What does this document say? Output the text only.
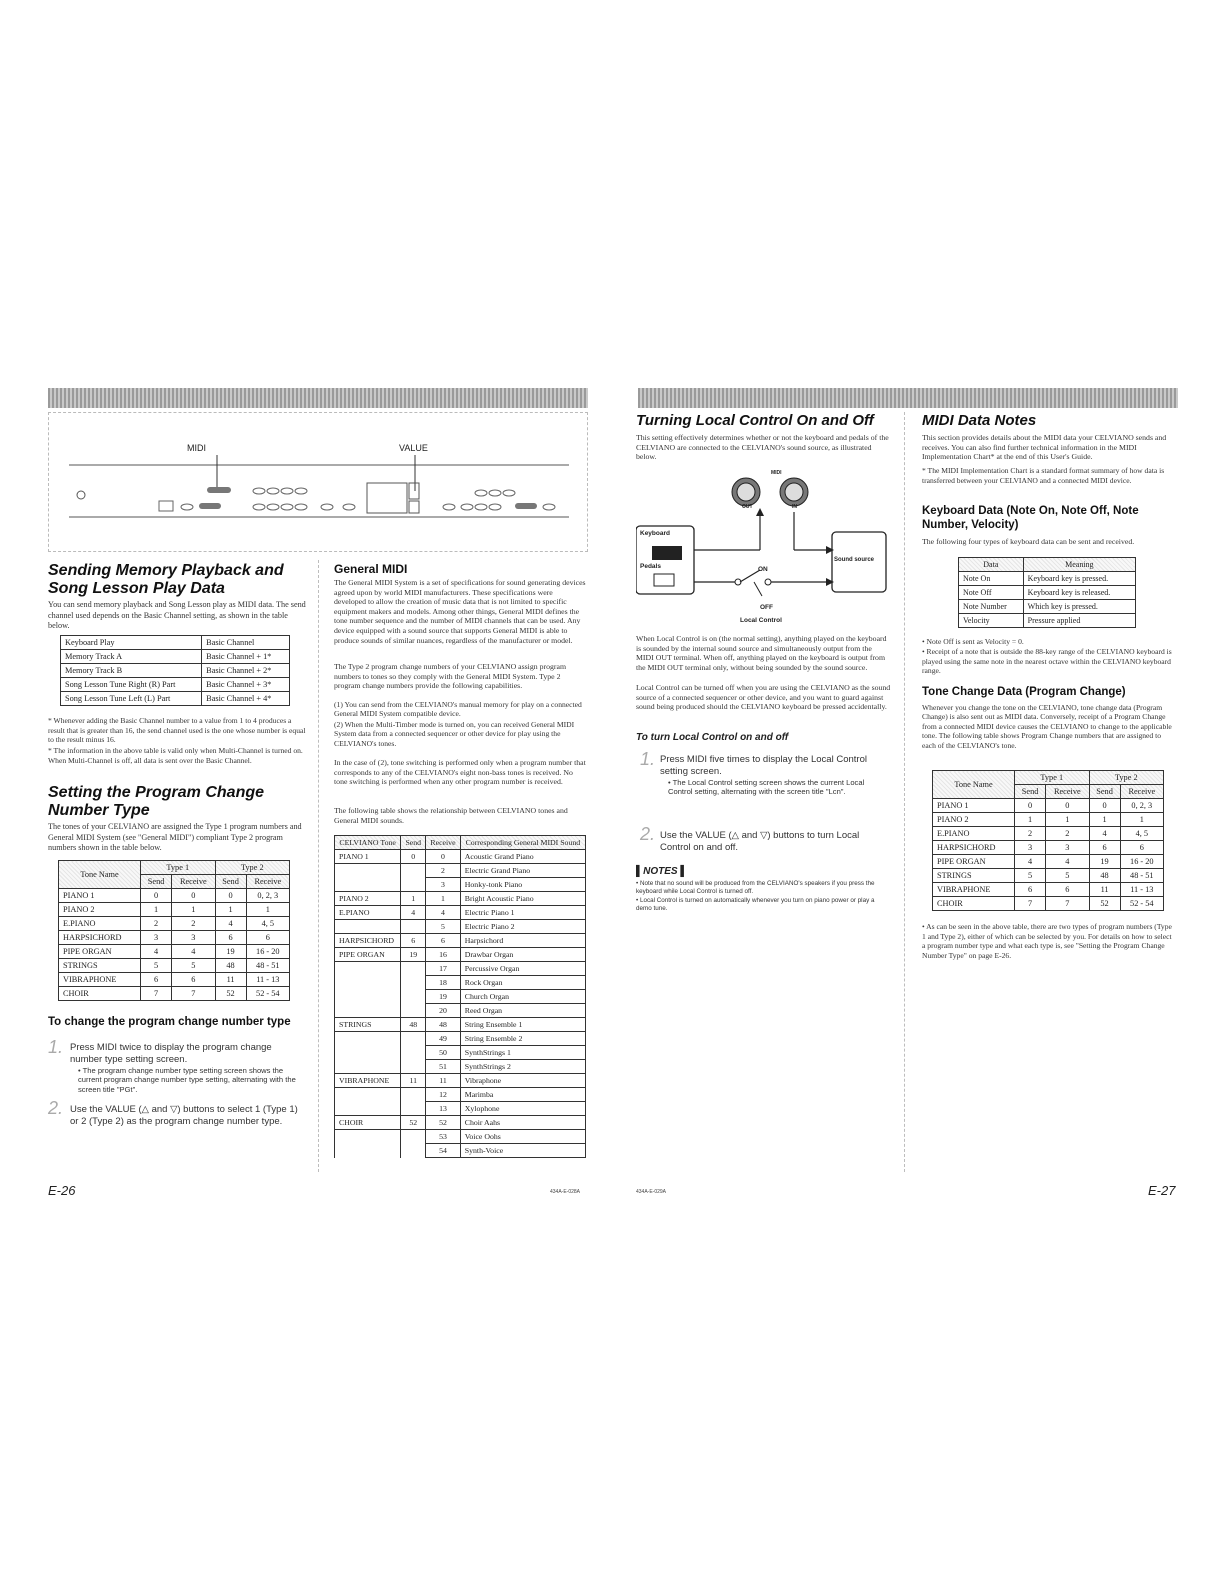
MIDI	VALUE
Sending Memory Playback and Song Lesson Play Data

You can send memory playback and Song Lesson play as MIDI data. The send channel used depends on the Basic Channel setting, as shown in the table below.

Keyboard Play	Basic Channel
Memory Track A	Basic Channel + 1*
Memory Track B	Basic Channel + 2*
Song Lesson Tune Right (R) Part	Basic Channel + 3*
Song Lesson Tune Left (L) Part	Basic Channel + 4*

* Whenever adding the Basic Channel number to a value from 1 to 4 produces a result that is greater than 16, the send channel used is the one whose number is equal to the result minus 16.

* The information in the above table is valid only when Multi-Channel is turned on. When Multi-Channel is off, all data is sent over the Basic Channel.

Setting the Program Change Number Type

The tones of your CELVIANO are assigned the Type 1 program numbers and General MIDI System (see "General MIDI") compliant Type 2 program numbers shown in the table below.

Tone Name	Type 1		Type 2	
	Send	Receive	Send	Receive
PIANO 1	0	0	0	0, 2, 3
PIANO 2	1	1	1	1
E.PIANO	2	2	4	4, 5
HARPSICHORD	3	3	6	6
PIPE ORGAN	4	4	19	16 - 20
STRINGS	5	5	48	48 - 51
VIBRAPHONE	6	6	11	11 - 13
CHOIR	7	7	52	52 - 54
To change the program change number type
1. Press MIDI twice to display the program change number type setting screen.
• The program change number type setting screen shows the current program change number type setting, alternating with the screen title "PGt".
2. Use the VALUE (△ and ▽) buttons to select 1 (Type 1) or 2 (Type 2) as the program change number type.
General MIDI

The General MIDI System is a set of specifications for sound generating devices agreed upon by world MIDI manufacturers. These specifications were developed to allow the creation of music data that is not limited to specific equipment makers and models. Among other things, General MIDI defines the tone number sequence and the number of MIDI channels that can be used. Any device equipped with a sound source that supports General MIDI is able to produce sounds of similar nuances, regardless of the manufacturer or model.

The Type 2 program change numbers of your CELVIANO assign program numbers to tones so they comply with the General MIDI System. Type 2 program change numbers provide the following capabilities.

(1) You can send from the CELVIANO's manual memory for play on a connected General MIDI System compatible device.

(2) When the Multi-Timber mode is turned on, you can received General MIDI System data from a connected sequencer or other device for play using the CELVIANO's tones.

In the case of (2), tone switching is performed only when a program number that corresponds to any of the CELVIANO's eight non-bass tones is received. No tone switching is performed when any other program number is received.

The following table shows the relationship between CELVIANO tones and General MIDI sounds.

CELVIANO Tone	Send	Receive	Corresponding General MIDI Sound
PIANO 1	0	0	Acoustic Grand Piano
		2	Electric Grand Piano
		3	Honky-tonk Piano
PIANO 2	1	1	Bright Acoustic Piano
E.PIANO	4	4	Electric Piano 1
		5	Electric Piano 2
HARPSICHORD	6	6	Harpsichord
PIPE ORGAN	19	16	Drawbar Organ
		17	Percussive Organ
		18	Rock Organ
		19	Church Organ
		20	Reed Organ
STRINGS	48	48	String Ensemble 1
		49	String Ensemble 2
		50	SynthStrings 1
		51	SynthStrings 2
VIBRAPHONE	11	11	Vibraphone
		12	Marimba
		13	Xylophone
CHOIR	52	52	Choir Aahs
		53	Voice Oohs
		54	Synth-Voice
E-26	434A-E-028A
Turning Local Control On and Off

This setting effectively determines whether or not the keyboard and pedals of the CELVIANO are connected to the CELVIANO's sound source, as illustrated below.

MIDI
OUT	IN
Keyboard
Pedals	ON
OFF
Sound source
Local Control

When Local Control is on (the normal setting), anything played on the keyboard is sounded by the internal sound source and simultaneously output from the MIDI OUT terminal. When off, anything played on the keyboard is output from the MIDI OUT terminal only, without being sounded by the sound source.

Local Control can be turned off when you are using the CELVIANO as the sound source of a connected sequencer or other device, and you want to guard against sound being produced should the CELVIANO keyboard be pressed accidentally.

To turn Local Control on and off
1. Press MIDI five times to display the Local Control setting screen.
• The Local Control setting screen shows the current Local Control setting, alternating with the screen title "Lcn".
2. Use the VALUE (△ and ▽) buttons to turn Local Control on and off.
▌NOTES ▌

• Note that no sound will be produced from the CELVIANO's speakers if you press the keyboard while Local Control is turned off.

• Local Control is turned on automatically whenever you turn on piano power or play a demo tune.

MIDI Data Notes

This section provides details about the MIDI data your CELVIANO sends and receives. You can also find further technical information in the MIDI Implementation Chart* at the end of this User's Guide.

* The MIDI Implementation Chart is a standard format summary of how data is transferred between your CELVIANO and a connected MIDI device.

Keyboard Data (Note On, Note Off, Note Number, Velocity)

The following four types of keyboard data can be sent and received.

Data	Meaning
Note On	Keyboard key is pressed.
Note Off	Keyboard key is released.
Note Number	Which key is pressed.
Velocity	Pressure applied

• Note Off is sent as Velocity = 0.

• Receipt of a note that is outside the 88-key range of the CELVIANO keyboard is played using the same note in the nearest octave within the CELVIANO keyboard range.

Tone Change Data (Program Change)

Whenever you change the tone on the CELVIANO, tone change data (Program Change) is also sent out as MIDI data. Conversely, receipt of a Program Change from a connected MIDI device causes the CELVIANO to change to the applicable tone. The following table shows Program Change numbers that are assigned to each of the CELVIANO's tone.

Tone Name	Type 1		Type 2	
	Send	Receive	Send	Receive
PIANO 1	0	0	0	0, 2, 3
PIANO 2	1	1	1	1
E.PIANO	2	2	4	4, 5
HARPSICHORD	3	3	6	6
PIPE ORGAN	4	4	19	16 - 20
STRINGS	5	5	48	48 - 51
VIBRAPHONE	6	6	11	11 - 13
CHOIR	7	7	52	52 - 54

• As can be seen in the above table, there are two types of program numbers (Type 1 and Type 2), either of which can be selected by you. For details on how to select a program number type and what each type is, see "Setting the Program Change Number Type" on page E-26.

434A-E-029A	E-27
